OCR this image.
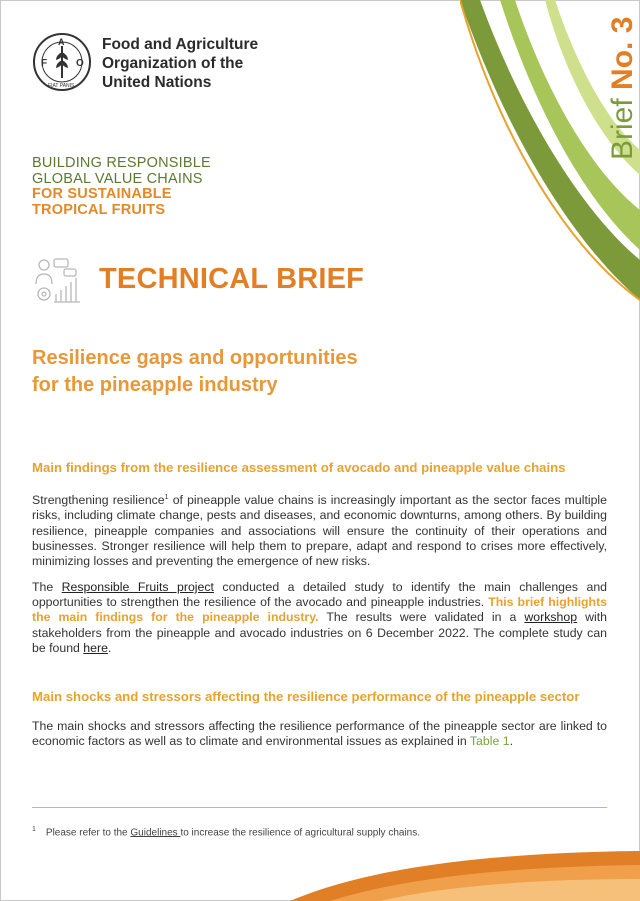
Brief No. 3
F
A
O
FIAT PANIS
Food and Agriculture
Organization of the
United Nations
BUILDING RESPONSIBLE
GLOBAL VALUE CHAINS
FOR SUSTAINABLE
TROPICAL FRUITS
TECHNICAL BRIEF
Resilience gaps and opportunities
for the pineapple industry
Main findings from the resilience assessment of avocado and pineapple value chains
Strengthening resilience$^1$ of pineapple value chains is increasingly important as the sector faces multiple risks, including climate change, pests and diseases, and economic downturns, among others. By building resilience, pineapple companies and associations will ensure the continuity of their operations and businesses. Stronger resilience will help them to prepare, adapt and respond to crises more effectively, minimizing losses and preventing the emergence of new risks.
The Responsible Fruits project conducted a detailed study to identify the main challenges and opportunities to strengthen the resilience of the avocado and pineapple industries. This brief highlights the main findings for the pineapple industry. The results were validated in a workshop with stakeholders from the pineapple and avocado industries on 6 December 2022. The complete study can be found here.
Main shocks and stressors affecting the resilience performance of the pineapple sector
The main shocks and stressors affecting the resilience performance of the pineapple sector are linked to economic factors as well as to climate and environmental issues as explained in Table 1.
$^1$ Please refer to the Guidelines to increase the resilience of agricultural supply chains.
